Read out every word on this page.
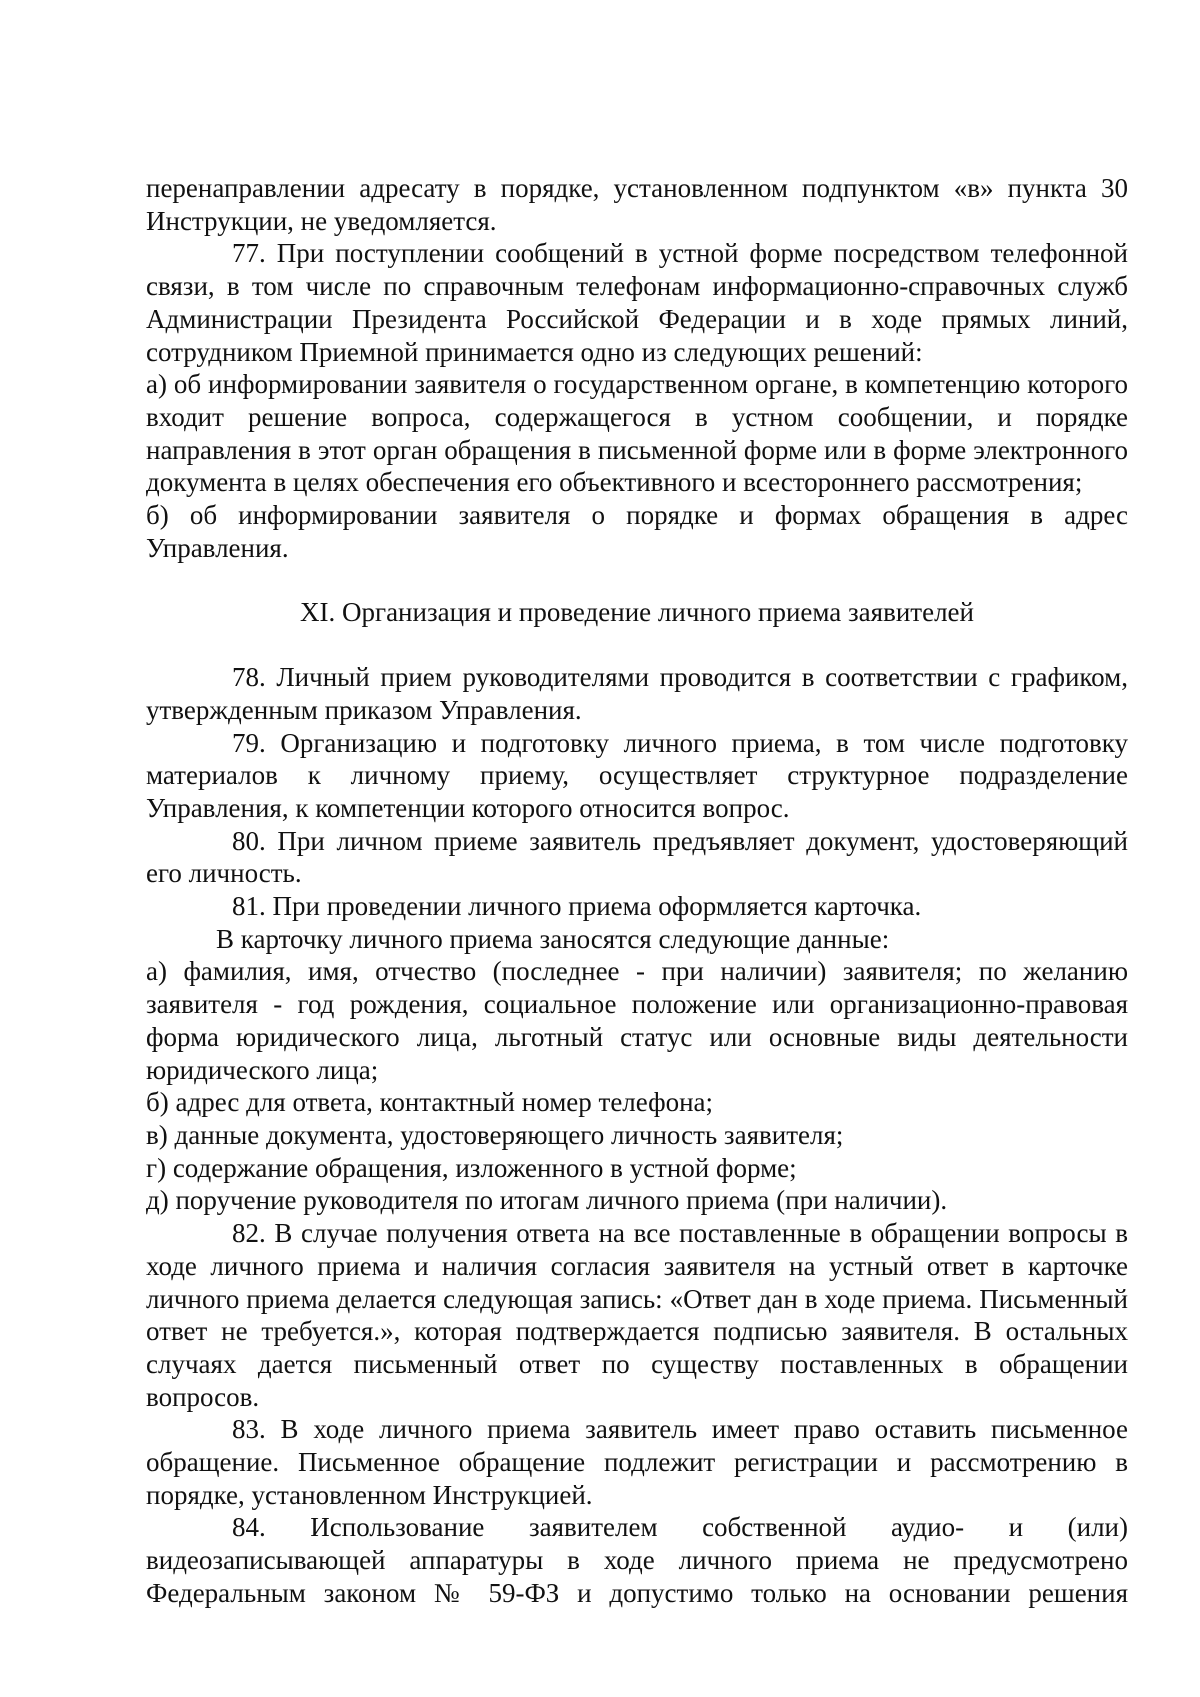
перенаправлении адресату в порядке, установленном подпунктом «в» пункта 30 Инструкции, не уведомляется.

77. При поступлении сообщений в устной форме посредством телефонной связи, в том числе по справочным телефонам информационно-справочных служб Администрации Президента Российской Федерации и в ходе прямых линий, сотрудником Приемной принимается одно из следующих решений:

а) об информировании заявителя о государственном органе, в компетенцию которого входит решение вопроса, содержащегося в устном сообщении, и порядке направления в этот орган обращения в письменной форме или в форме электронного документа в целях обеспечения его объективного и всестороннего рассмотрения;

б) об информировании заявителя о порядке и формах обращения в адрес Управления.

XI. Организация и проведение личного приема заявителей

78. Личный прием руководителями проводится в соответствии с графиком, утвержденным приказом Управления.

79. Организацию и подготовку личного приема, в том числе подготовку материалов к личному приему, осуществляет структурное подразделение Управления, к компетенции которого относится вопрос.

80. При личном приеме заявитель предъявляет документ, удостоверяющий его личность.

81. При проведении личного приема оформляется карточка.

В карточку личного приема заносятся следующие данные:

а) фамилия, имя, отчество (последнее - при наличии) заявителя; по желанию заявителя - год рождения, социальное положение или организационно-правовая форма юридического лица, льготный статус или основные виды деятельности юридического лица;

б) адрес для ответа, контактный номер телефона;

в) данные документа, удостоверяющего личность заявителя;

г) содержание обращения, изложенного в устной форме;

д) поручение руководителя по итогам личного приема (при наличии).

82. В случае получения ответа на все поставленные в обращении вопросы в ходе личного приема и наличия согласия заявителя на устный ответ в карточке личного приема делается следующая запись: «Ответ дан в ходе приема. Письменный ответ не требуется.», которая подтверждается подписью заявителя. В остальных случаях дается письменный ответ по существу поставленных в обращении вопросов.

83. В ходе личного приема заявитель имеет право оставить письменное обращение. Письменное обращение подлежит регистрации и рассмотрению в порядке, установленном Инструкцией.

84. Использование заявителем собственной аудио- и (или) видеозаписывающей аппаратуры в ходе личного приема не предусмотрено Федеральным законом № 59-ФЗ и допустимо только на основании решения
